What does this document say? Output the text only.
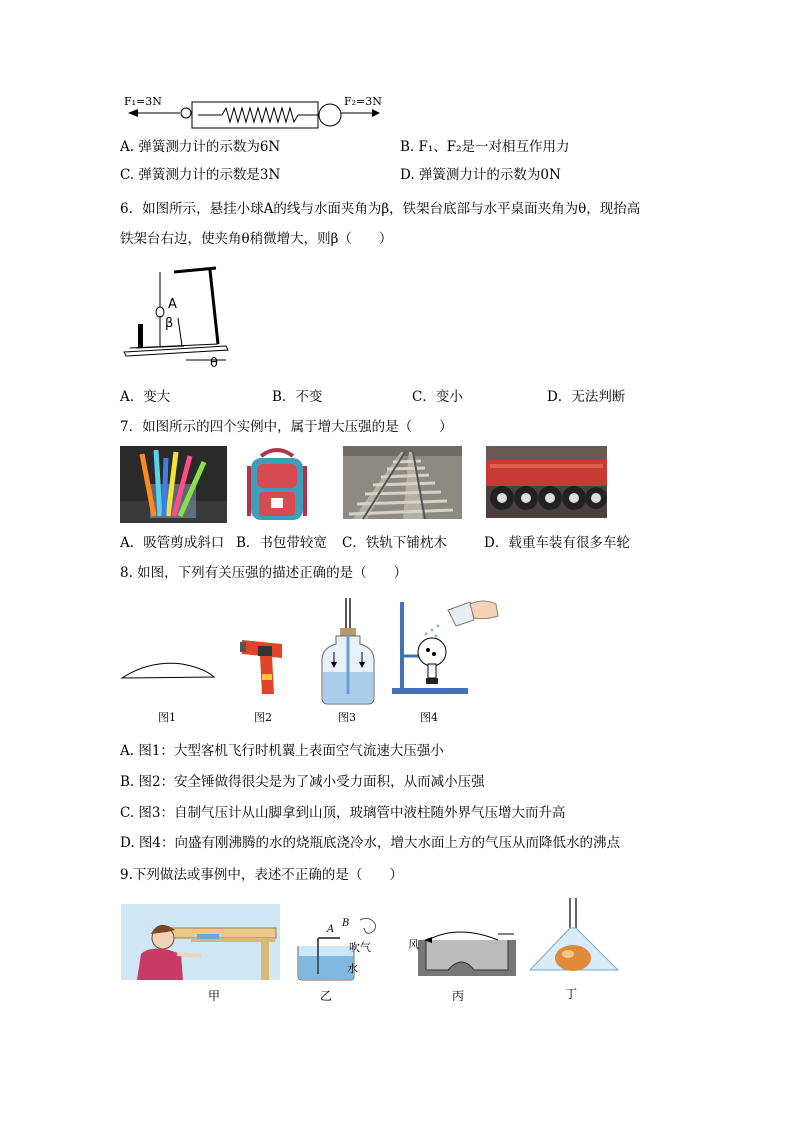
F₁=3N	F₂=3N
A. 弹簧测力计的示数为6N	B. F₁、F₂是一对相互作用力
C. 弹簧测力计的示数是3N	D. 弹簧测力计的示数为0N
6．如图所示，悬挂小球A的线与水面夹角为β，铁架台底部与水平桌面夹角为θ，现抬高
铁架台右边，使夹角θ稍微增大，则β（　　）
A
β
θ
A．变大	B．不变	C．变小	D．无法判断
7．如图所示的四个实例中，属于增大压强的是（　　）
A．吸管剪成斜口 B．书包带较宽 C．铁轨下铺枕木	D．载重车装有很多车轮
8. 如图，下列有关压强的描述正确的是（　　）
图1	图2	图3	图4
A. 图1：大型客机飞行时机翼上表面空气流速大压强小
B. 图2：安全锤做得很尖是为了减小受力面积，从而减小压强
C. 图3：自制气压计从山脚拿到山顶，玻璃管中液柱随外界气压增大而升高
D. 图4：向盛有刚沸腾的水的烧瓶底浇冷水，增大水面上方的气压从而降低水的沸点
9.下列做法或事例中，表述不正确的是（　　）
A
B
吹气
水
风
甲	乙	丙	丁
